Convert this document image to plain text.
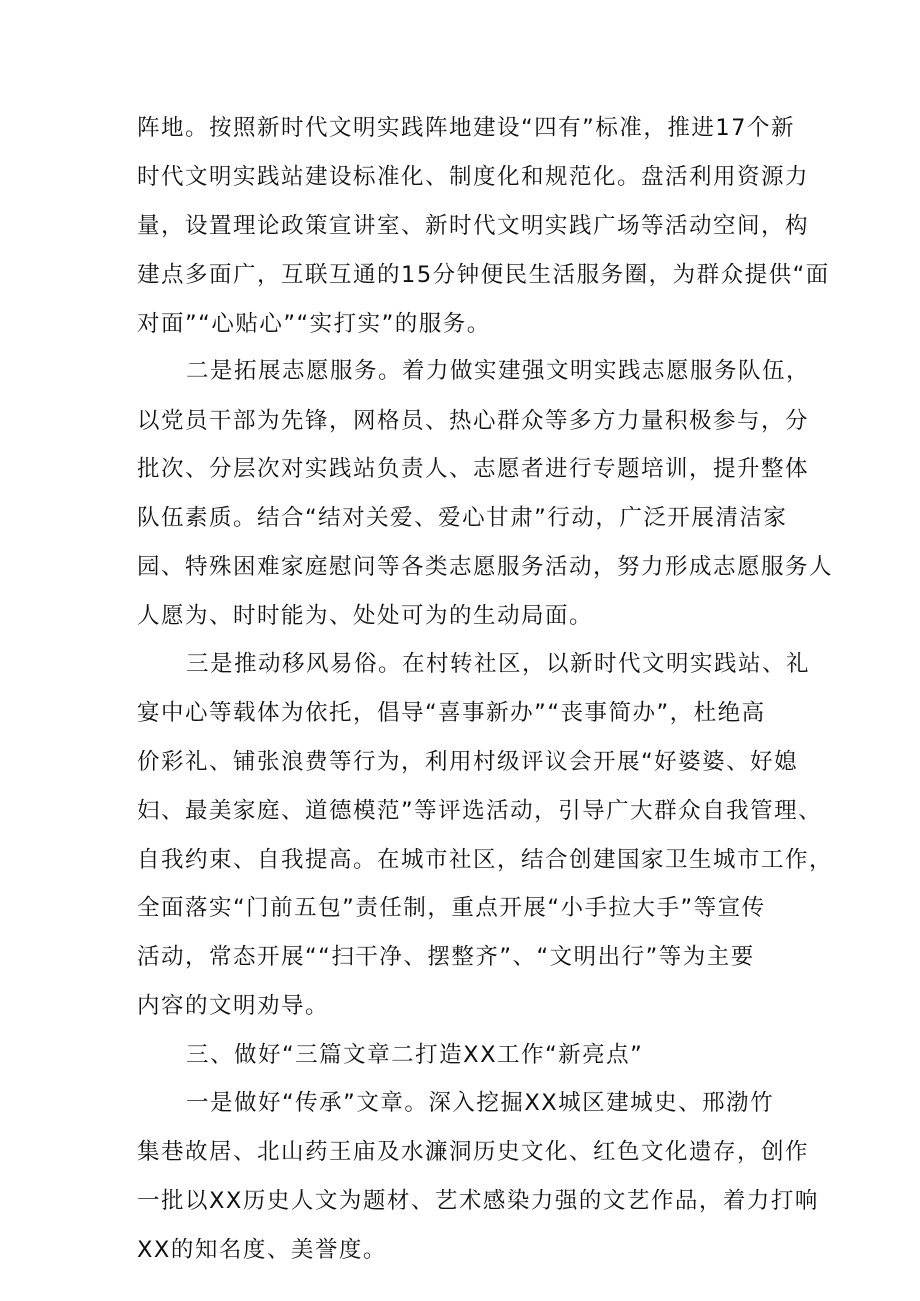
阵地。按照新时代文明实践阵地建设“四有”标准，推进17个新
时代文明实践站建设标准化、制度化和规范化。盘活利用资源力
量，设置理论政策宣讲室、新时代文明实践广场等活动空间，构
建点多面广，互联互通的15分钟便民生活服务圈，为群众提供“面
对面”“心贴心”“实打实”的服务。
二是拓展志愿服务。着力做实建强文明实践志愿服务队伍，
以党员干部为先锋，网格员、热心群众等多方力量积极参与，分
批次、分层次对实践站负责人、志愿者进行专题培训，提升整体
队伍素质。结合“结对关爱、爱心甘肃”行动，广泛开展清洁家
园、特殊困难家庭慰问等各类志愿服务活动，努力形成志愿服务人
人愿为、时时能为、处处可为的生动局面。
三是推动移风易俗。在村转社区，以新时代文明实践站、礼
宴中心等载体为依托，倡导“喜事新办”“丧事简办”，杜绝高
价彩礼、铺张浪费等行为，利用村级评议会开展“好婆婆、好媳
妇、最美家庭、道德模范”等评选活动，引导广大群众自我管理、
自我约束、自我提高。在城市社区，结合创建国家卫生城市工作，
全面落实“门前五包”责任制，重点开展“小手拉大手”等宣传
活动，常态开展““扫干净、摆整齐”、“文明出行”等为主要
内容的文明劝导。
三、做好“三篇文章二打造XX工作“新亮点”
一是做好“传承”文章。深入挖掘XX城区建城史、邢渤竹
集巷故居、北山药王庙及水濂洞历史文化、红色文化遗存，创作
一批以XX历史人文为题材、艺术感染力强的文艺作品，着力打响
XX的知名度、美誉度。
